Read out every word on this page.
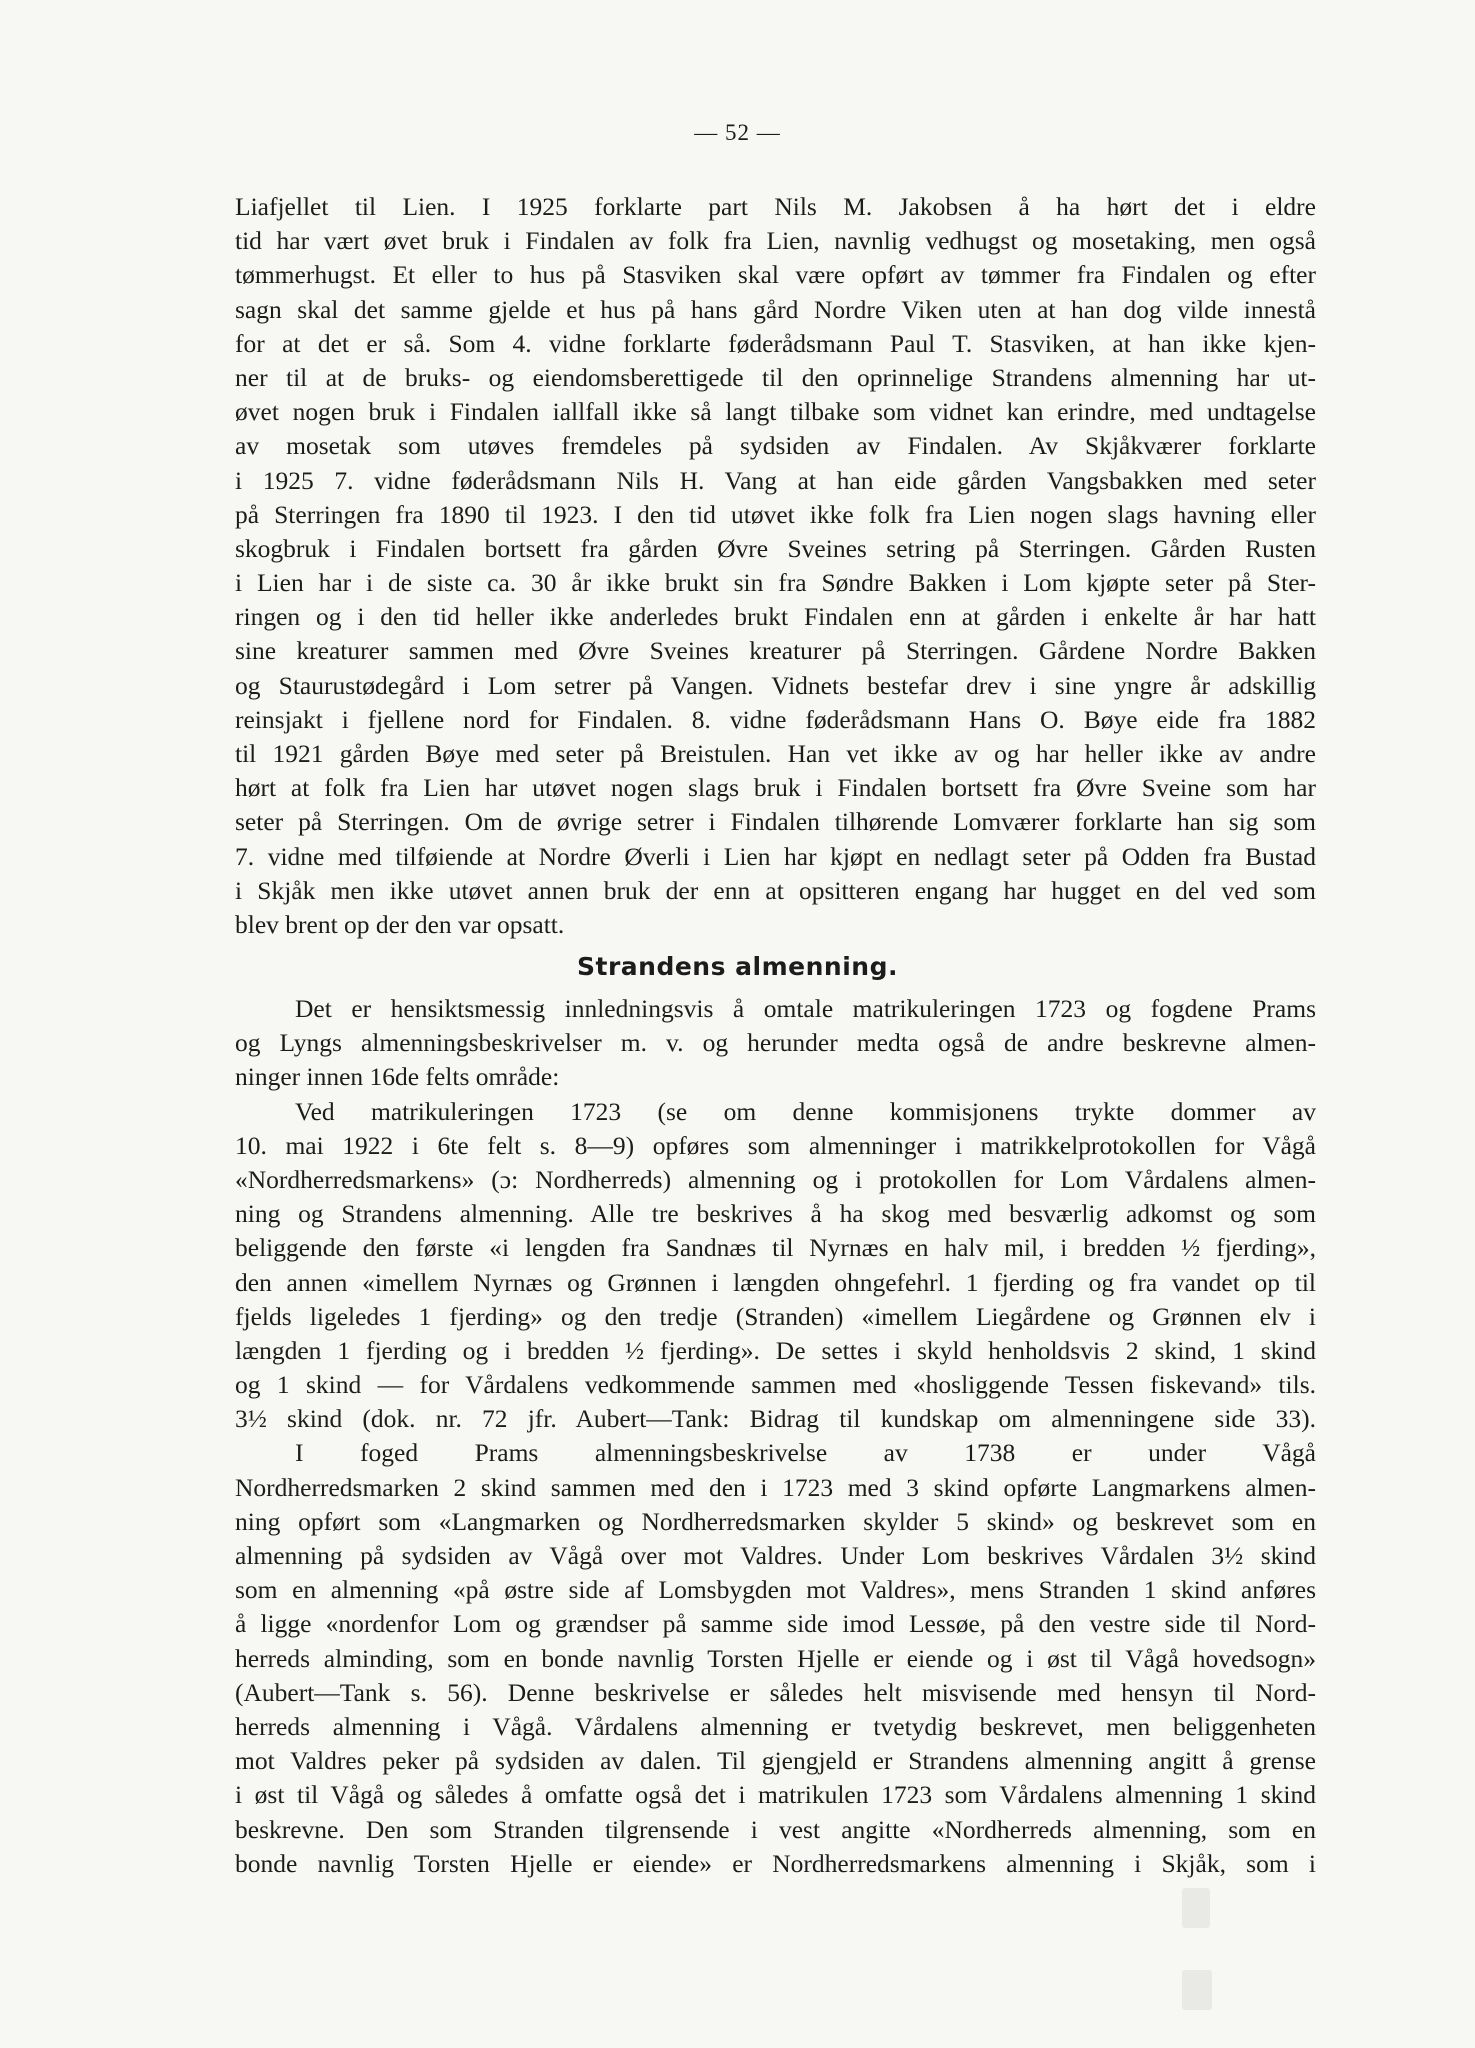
— 52 —
Liafjellet til Lien. I 1925 forklarte part Nils M. Jakobsen å ha hørt det i eldre
tid har vært øvet bruk i Findalen av folk fra Lien, navnlig vedhugst og mosetaking, men også
tømmerhugst. Et eller to hus på Stasviken skal være opført av tømmer fra Findalen og efter
sagn skal det samme gjelde et hus på hans gård Nordre Viken uten at han dog vilde innestå
for at det er så. Som 4. vidne forklarte føderådsmann Paul T. Stasviken, at han ikke kjen-
ner til at de bruks- og eiendomsberettigede til den oprinnelige Strandens almenning har ut-
øvet nogen bruk i Findalen iallfall ikke så langt tilbake som vidnet kan erindre, med undtagelse
av mosetak som utøves fremdeles på sydsiden av Findalen. Av Skjåkværer forklarte
i 1925 7. vidne føderådsmann Nils H. Vang at han eide gården Vangsbakken med seter
på Sterringen fra 1890 til 1923. I den tid utøvet ikke folk fra Lien nogen slags havning eller
skogbruk i Findalen bortsett fra gården Øvre Sveines setring på Sterringen. Gården Rusten
i Lien har i de siste ca. 30 år ikke brukt sin fra Søndre Bakken i Lom kjøpte seter på Ster-
ringen og i den tid heller ikke anderledes brukt Findalen enn at gården i enkelte år har hatt
sine kreaturer sammen med Øvre Sveines kreaturer på Sterringen. Gårdene Nordre Bakken
og Staurustødegård i Lom setrer på Vangen. Vidnets bestefar drev i sine yngre år adskillig
reinsjakt i fjellene nord for Findalen. 8. vidne føderådsmann Hans O. Bøye eide fra 1882
til 1921 gården Bøye med seter på Breistulen. Han vet ikke av og har heller ikke av andre
hørt at folk fra Lien har utøvet nogen slags bruk i Findalen bortsett fra Øvre Sveine som har
seter på Sterringen. Om de øvrige setrer i Findalen tilhørende Lomværer forklarte han sig som
7. vidne med tilføiende at Nordre Øverli i Lien har kjøpt en nedlagt seter på Odden fra Bustad
i Skjåk men ikke utøvet annen bruk der enn at opsitteren engang har hugget en del ved som
blev brent op der den var opsatt.
Strandens almenning.
Det er hensiktsmessig innledningsvis å omtale matrikuleringen 1723 og fogdene Prams
og Lyngs almenningsbeskrivelser m. v. og herunder medta også de andre beskrevne almen-
ninger innen 16de felts område:
Ved matrikuleringen 1723 (se om denne kommisjonens trykte dommer av
10. mai 1922 i 6te felt s. 8—9) opføres som almenninger i matrikkelprotokollen for Vågå
«Nordherredsmarkens» (ɔ: Nordherreds) almenning og i protokollen for Lom Vårdalens almen-
ning og Strandens almenning. Alle tre beskrives å ha skog med besværlig adkomst og som
beliggende den første «i lengden fra Sandnæs til Nyrnæs en halv mil, i bredden ½ fjerding»,
den annen «imellem Nyrnæs og Grønnen i længden ohngefehrl. 1 fjerding og fra vandet op til
fjelds ligeledes 1 fjerding» og den tredje (Stranden) «imellem Liegårdene og Grønnen elv i
længden 1 fjerding og i bredden ½ fjerding». De settes i skyld henholdsvis 2 skind, 1 skind
og 1 skind — for Vårdalens vedkommende sammen med «hosliggende Tessen fiskevand» tils.
3½ skind (dok. nr. 72 jfr. Aubert—Tank: Bidrag til kundskap om almenningene side 33).
I foged Prams almenningsbeskrivelse av 1738 er under Vågå
Nordherredsmarken 2 skind sammen med den i 1723 med 3 skind opførte Langmarkens almen-
ning opført som «Langmarken og Nordherredsmarken skylder 5 skind» og beskrevet som en
almenning på sydsiden av Vågå over mot Valdres. Under Lom beskrives Vårdalen 3½ skind
som en almenning «på østre side af Lomsbygden mot Valdres», mens Stranden 1 skind anføres
å ligge «nordenfor Lom og grændser på samme side imod Lessøe, på den vestre side til Nord-
herreds alminding, som en bonde navnlig Torsten Hjelle er eiende og i øst til Vågå hovedsogn»
(Aubert—Tank s. 56). Denne beskrivelse er således helt misvisende med hensyn til Nord-
herreds almenning i Vågå. Vårdalens almenning er tvetydig beskrevet, men beliggenheten
mot Valdres peker på sydsiden av dalen. Til gjengjeld er Strandens almenning angitt å grense
i øst til Vågå og således å omfatte også det i matrikulen 1723 som Vårdalens almenning 1 skind
beskrevne. Den som Stranden tilgrensende i vest angitte «Nordherreds almenning, som en
bonde navnlig Torsten Hjelle er eiende» er Nordherredsmarkens almenning i Skjåk, som i
